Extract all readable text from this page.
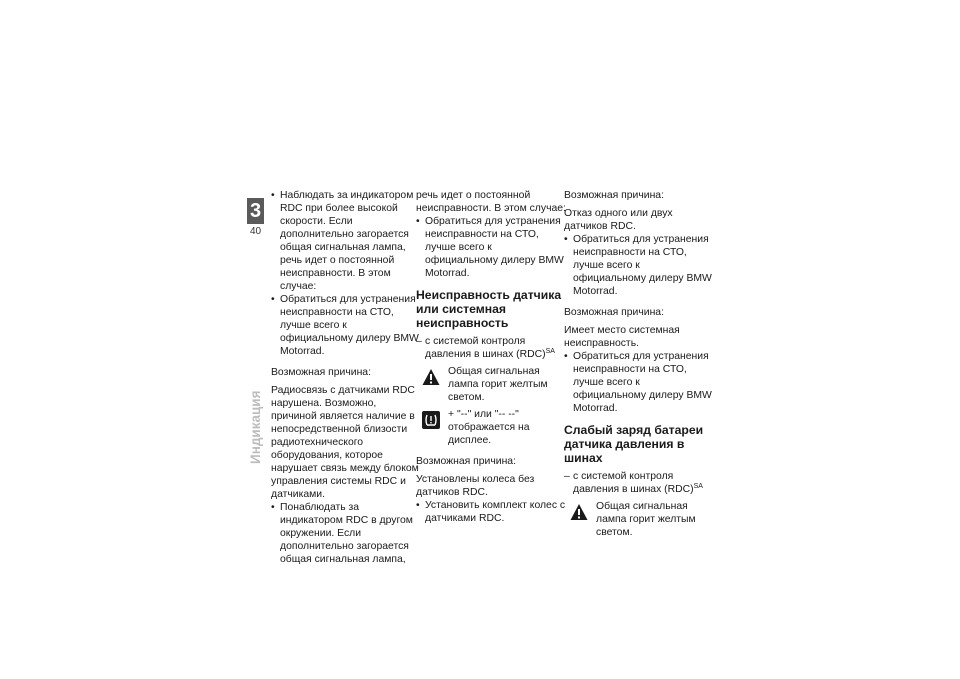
3
40
Индикация

• Наблюдать за индикатором RDC при более высокой скорости. Если дополнительно загорается общая сигнальная лампа, речь идет о постоянной неисправности. В этом случае:

• Обратиться для устранения неисправности на СТО, лучше всего к официальному дилеру BMW Motorrad.

Возможная причина:

Радиосвязь с датчиками RDC нарушена. Возможно, причиной является наличие в непосредственной близости радиотехнического оборудования, которое нарушает связь между блоком управления системы RDC и датчиками.

• Понаблюдать за индикатором RDC в другом окружении. Если дополнительно загорается общая сигнальная лампа,

речь идет о постоянной неисправности. В этом случае:

• Обратиться для устранения неисправности на СТО, лучше всего к официальному дилеру BMW Motorrad.

Неисправность датчика или системная неисправность

– с системой контроля давления в шинах (RDC)$^{SA}$

Общая сигнальная лампа горит желтым светом.

+ "--" или "-- --" отображается на дисплее.

Возможная причина:

Установлены колеса без датчиков RDC.

• Установить комплект колес с датчиками RDC.

Возможная причина:

Отказ одного или двух датчиков RDC.

• Обратиться для устранения неисправности на СТО, лучше всего к официальному дилеру BMW Motorrad.

Возможная причина:

Имеет место системная неисправность.

• Обратиться для устранения неисправности на СТО, лучше всего к официальному дилеру BMW Motorrad.

Слабый заряд батареи датчика давления в шинах

– с системой контроля давления в шинах (RDC)$^{SA}$

Общая сигнальная лампа горит желтым светом.
